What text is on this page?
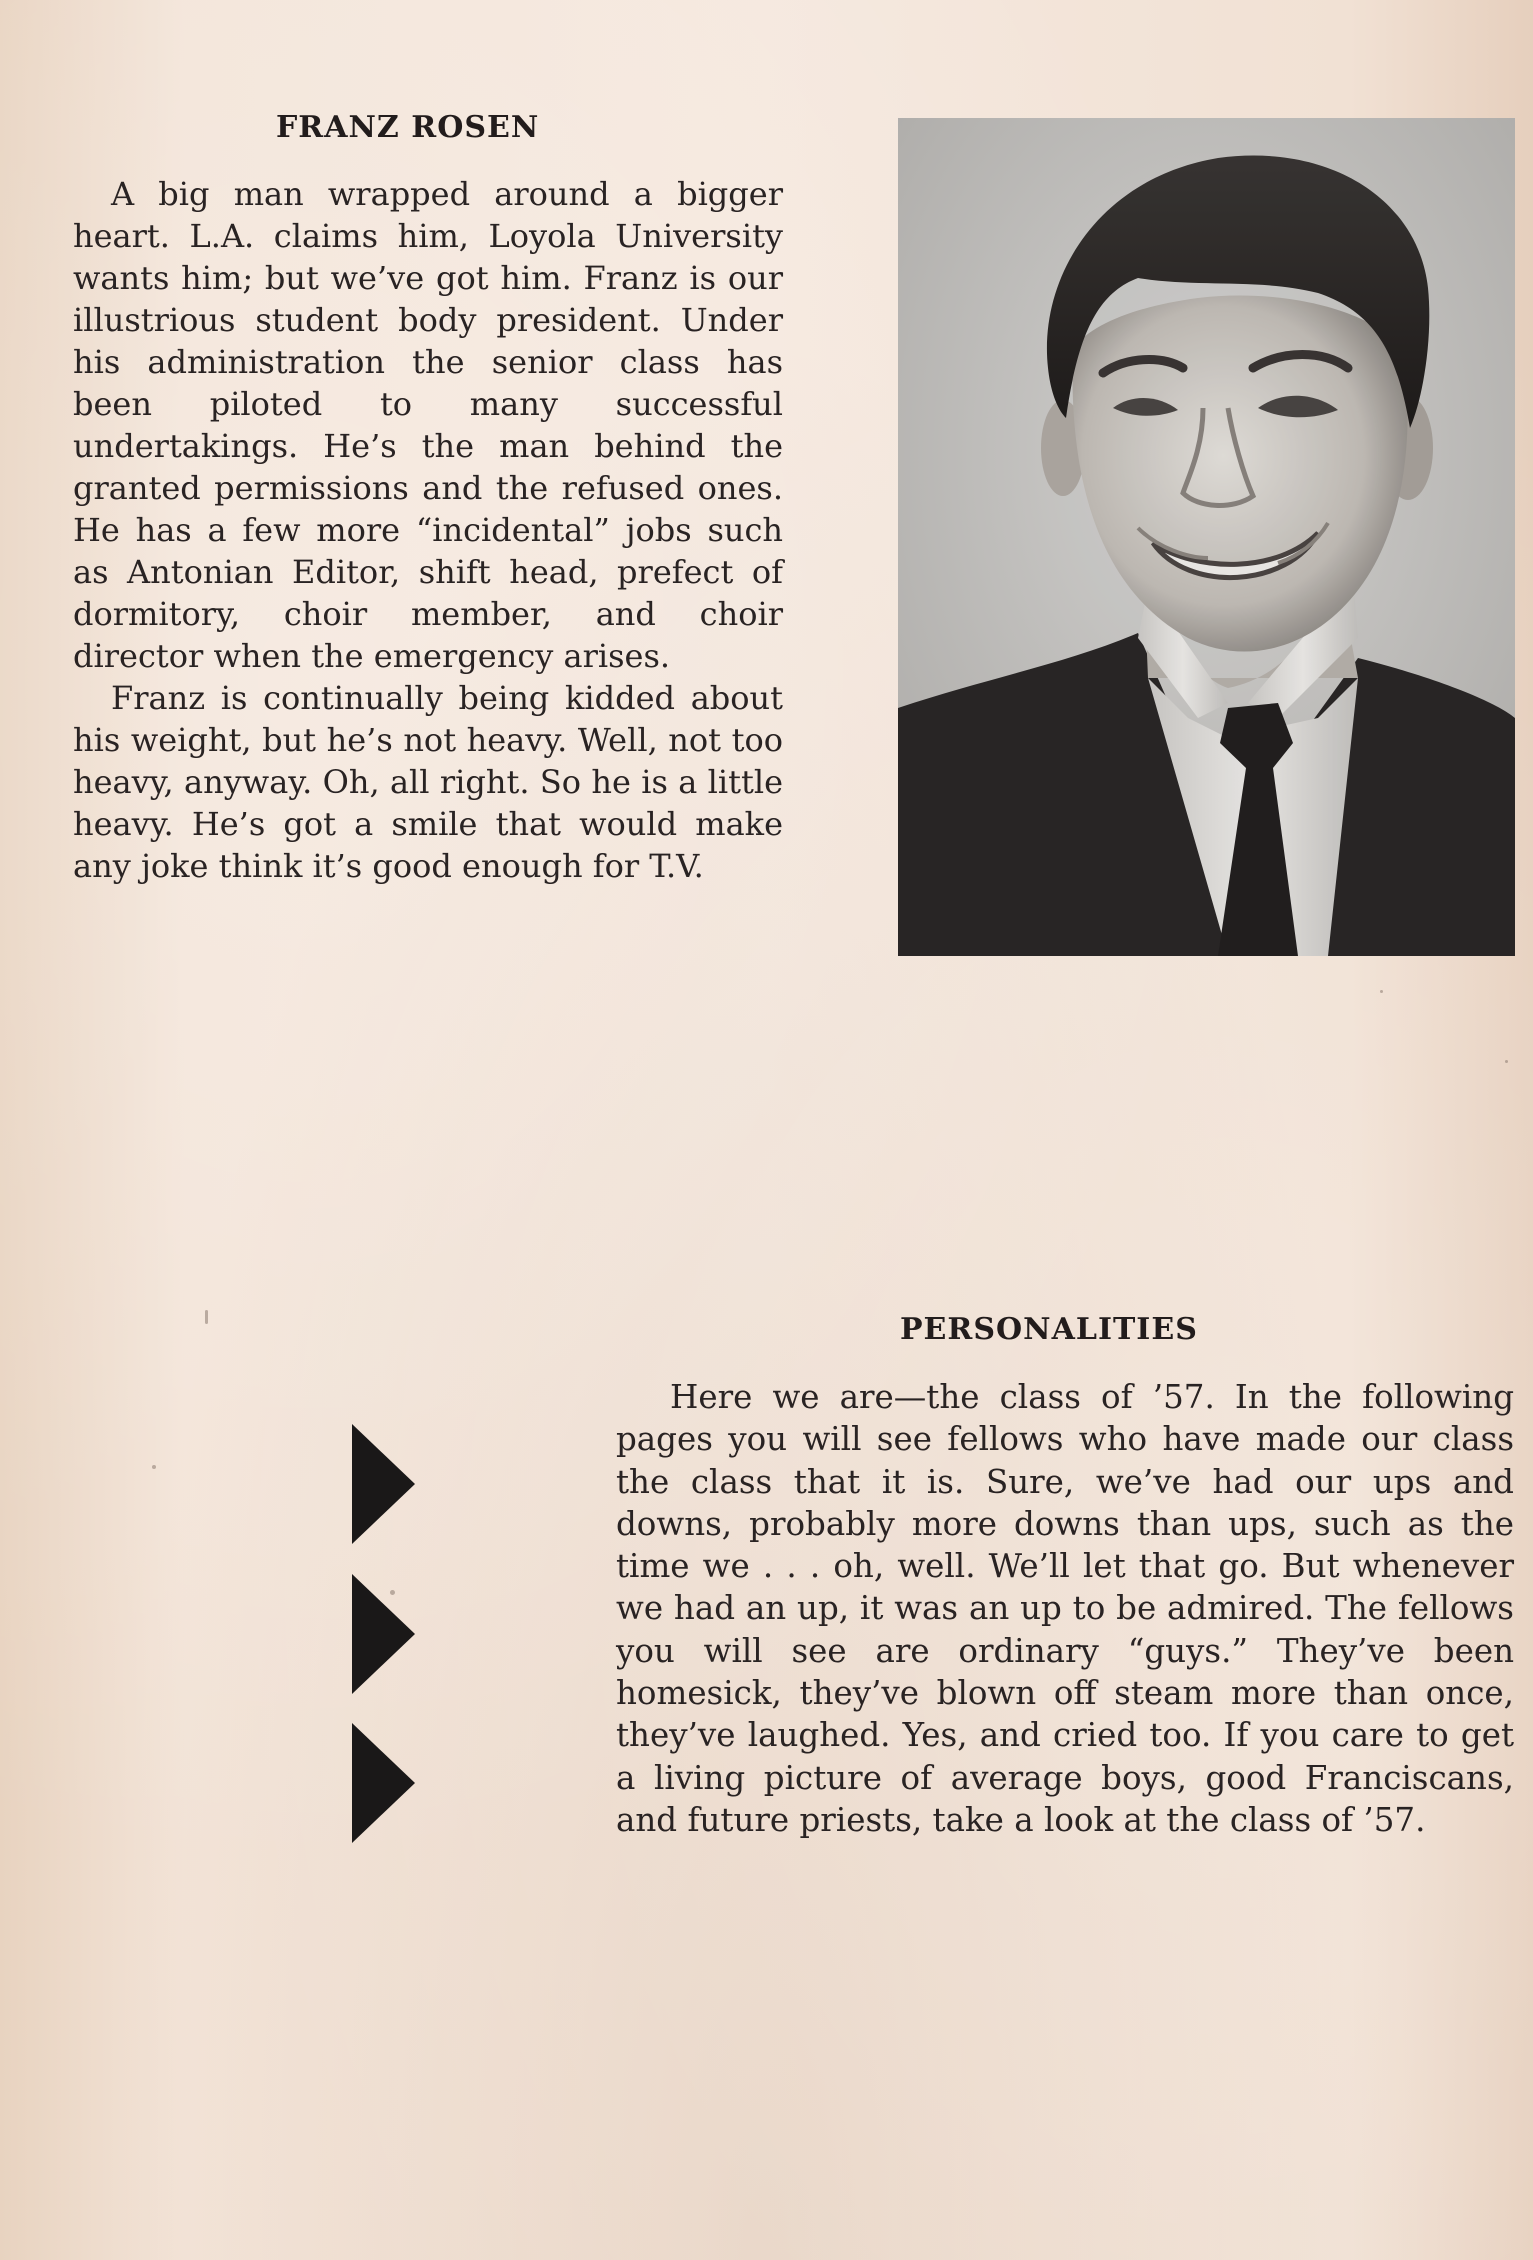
FRANZ ROSEN

A big man wrapped around a bigger heart. L.A. claims him, Loyola University wants him; but we’ve got him. Franz is our illustrious student body president. Under his administration the senior class has been piloted to many successful undertakings. He’s the man behind the granted permissions and the refused ones. He has a few more “incidental” jobs such as Antonian Editor, shift head, prefect of dormitory, choir member, and choir director when the emergency arises.

Franz is continually being kidded about his weight, but he’s not heavy. Well, not too heavy, anyway. Oh, all right. So he is a little heavy. He’s got a smile that would make any joke think it’s good enough for T.V.

PERSONALITIES

Here we are—the class of ’57. In the following pages you will see fellows who have made our class the class that it is. Sure, we’ve had our ups and downs, probably more downs than ups, such as the time we . . . oh, well. We’ll let that go. But whenever we had an up, it was an up to be admired. The fellows you will see are ordinary “guys.” They’ve been homesick, they’ve blown off steam more than once, they’ve laughed. Yes, and cried too. If you care to get a living picture of average boys, good Franciscans, and future priests, take a look at the class of ’57.
